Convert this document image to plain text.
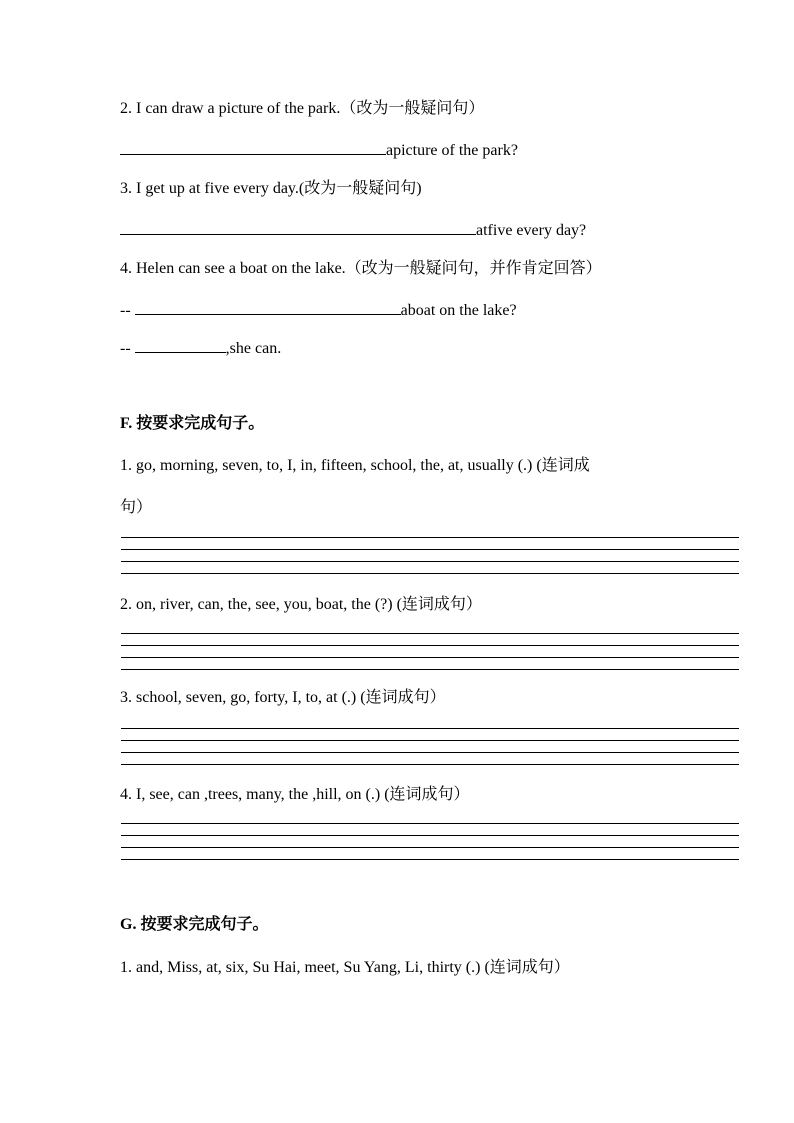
2. I can draw a picture of the park.（改为一般疑问句）
apicture of the park?
3. I get up at five every day.(改为一般疑问句)
atfive every day?
4. Helen can see a boat on the lake.（改为一般疑问句，并作肯定回答）
--	aboat on the lake?
--	,she can.
F. 按要求完成句子。
1. go, morning, seven, to, I, in, fifteen, school, the, at, usually (.) (连词成
句）
2. on, river, can, the, see, you, boat, the (?) (连词成句）
3. school, seven, go, forty, I, to, at (.) (连词成句）
4. I, see, can ,trees, many, the ,hill, on (.) (连词成句）
G. 按要求完成句子。
1. and, Miss, at, six, Su Hai, meet, Su Yang, Li, thirty (.) (连词成句）
